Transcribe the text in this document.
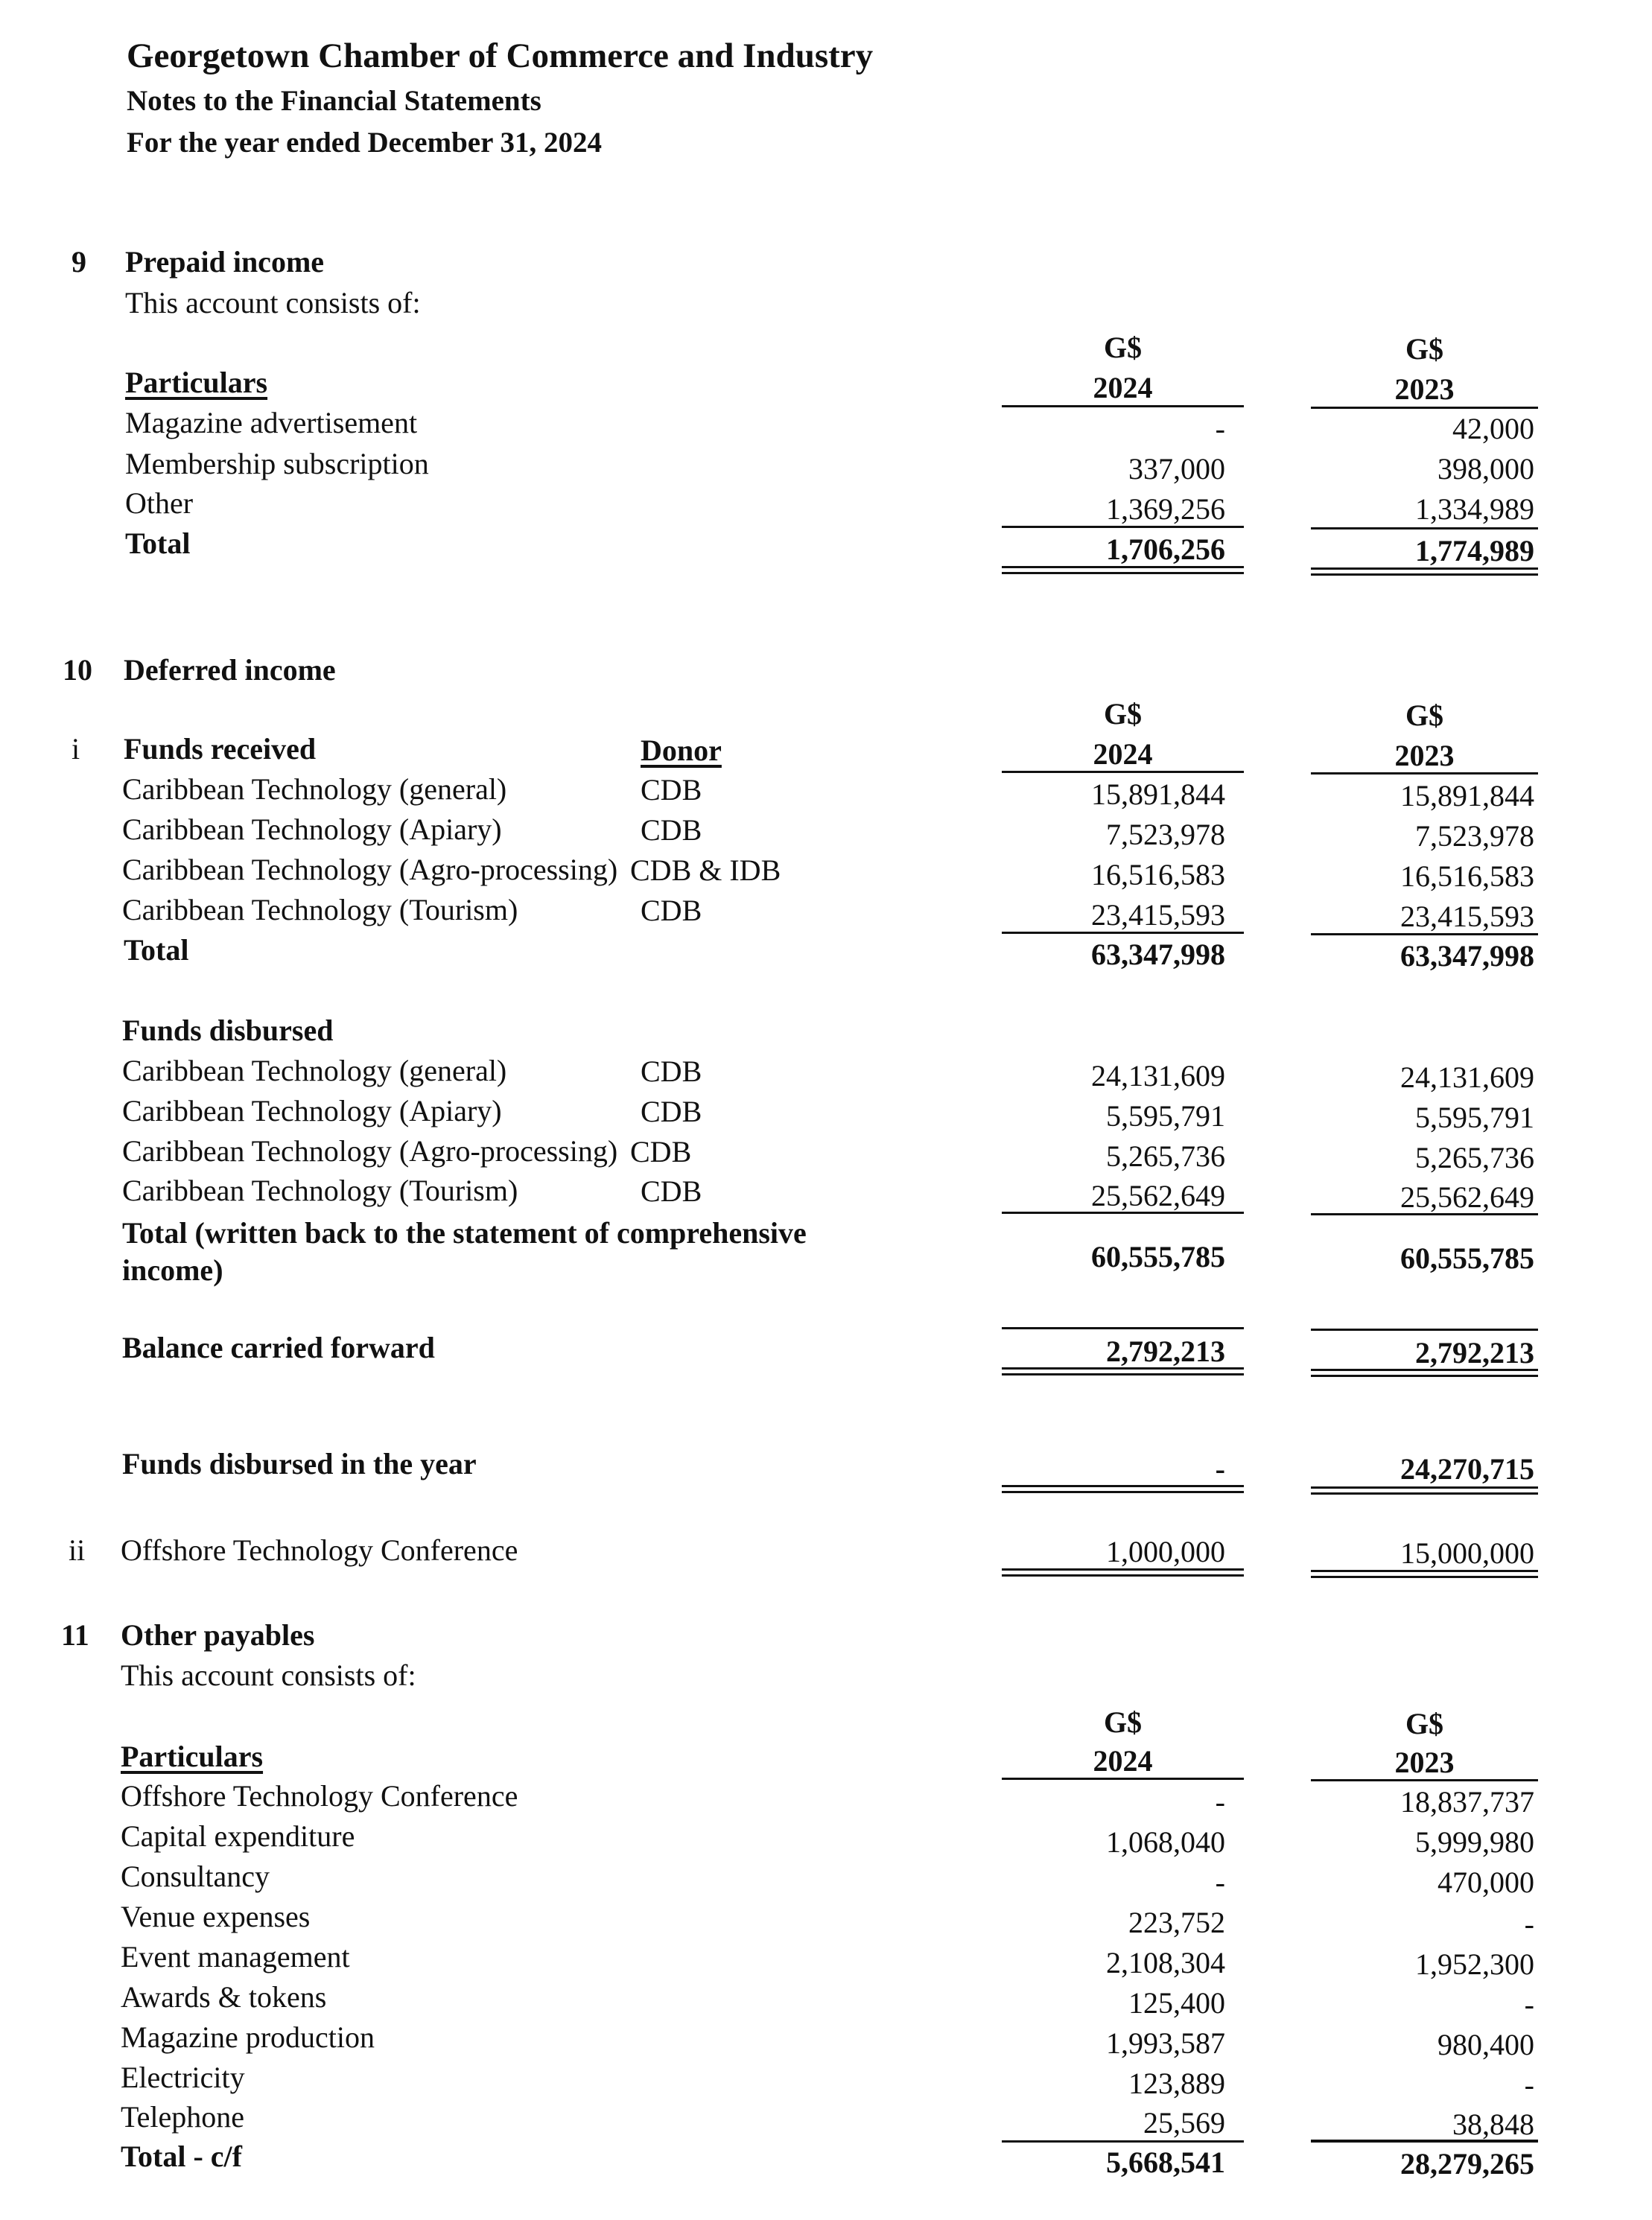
Georgetown Chamber of Commerce and Industry
Notes to the Financial Statements
For the year ended December 31, 2024
9 Prepaid income
This account consists of:
G$	G$
Particulars	2024	2023
Magazine advertisement	-	42,000
Membership subscription	337,000	398,000
Other	1,369,256	1,334,989
Total	1,706,256	1,774,989
10 Deferred income
G$	G$
i Funds received	Donor	2024	2023
Caribbean Technology (general)	CDB	15,891,844	15,891,844
Caribbean Technology (Apiary)	CDB	7,523,978	7,523,978
Caribbean Technology (Agro-processing) CDB & IDB	16,516,583	16,516,583
Caribbean Technology (Tourism)	CDB	23,415,593	23,415,593
Total	63,347,998	63,347,998
Funds disbursed
Caribbean Technology (general)	CDB	24,131,609	24,131,609
Caribbean Technology (Apiary)	CDB	5,595,791	5,595,791
Caribbean Technology (Agro-processing) CDB	5,265,736	5,265,736
Caribbean Technology (Tourism)	CDB	25,562,649	25,562,649
Total (written back to the statement of comprehensive
income)	60,555,785	60,555,785
Balance carried forward	2,792,213	2,792,213
Funds disbursed in the year	-	24,270,715
ii Offshore Technology Conference	1,000,000	15,000,000
11 Other payables
This account consists of:
G$	G$
Particulars	2024	2023
Offshore Technology Conference	-	18,837,737
Capital expenditure	1,068,040	5,999,980
Consultancy	-	470,000
Venue expenses	223,752	-
Event management	2,108,304	1,952,300
Awards & tokens	125,400	-
Magazine production	1,993,587	980,400
Electricity	123,889	-
Telephone	25,569	38,848
Total - c/f	5,668,541	28,279,265
